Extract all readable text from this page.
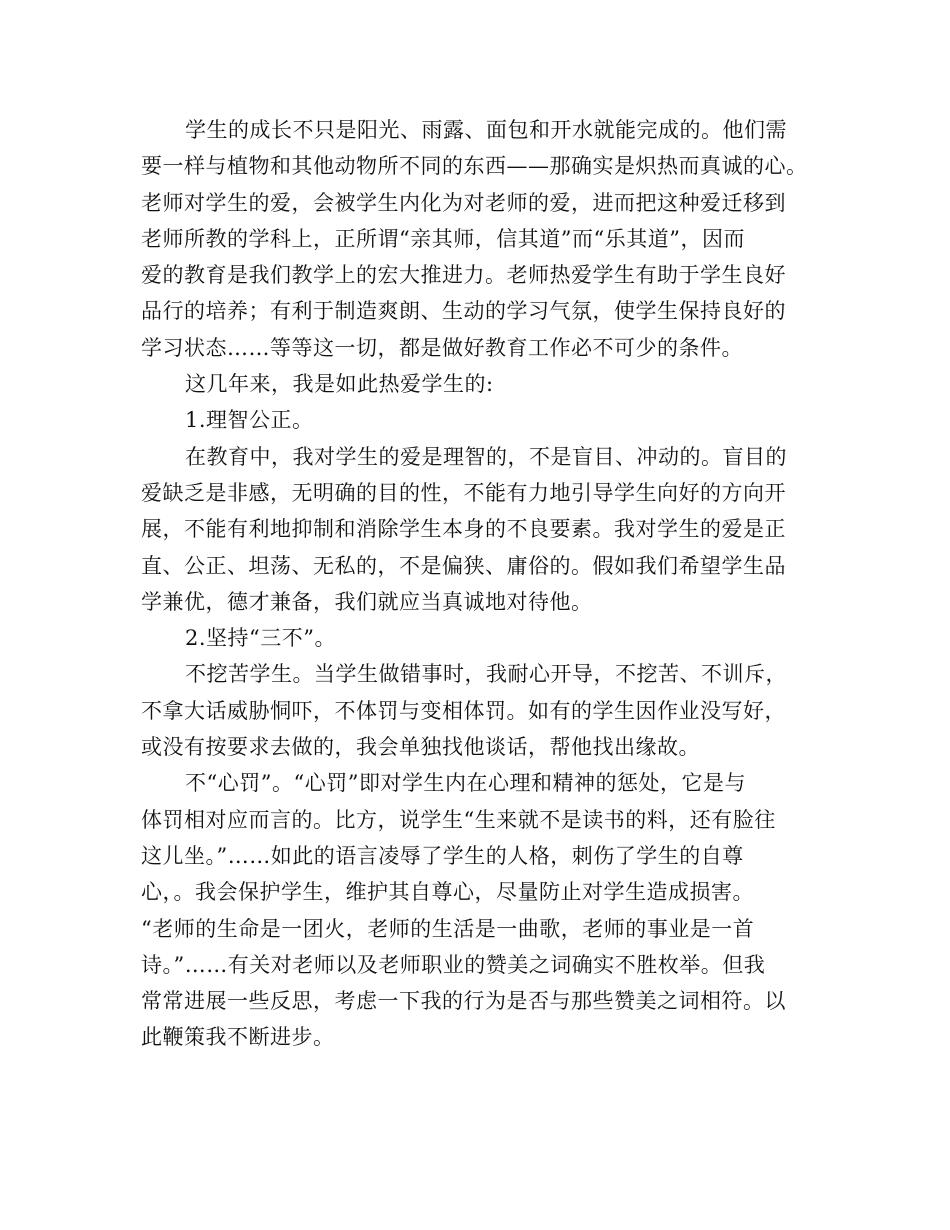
学生的成长不只是阳光、雨露、面包和开水就能完成的。他们需
要一样与植物和其他动物所不同的东西——那确实是炽热而真诚的心。
老师对学生的爱，会被学生内化为对老师的爱，进而把这种爱迁移到
老师所教的学科上，正所谓“亲其师，信其道”而“乐其道”，因而
爱的教育是我们教学上的宏大推进力。老师热爱学生有助于学生良好
品行的培养；有利于制造爽朗、生动的学习气氛，使学生保持良好的
学习状态……等等这一切，都是做好教育工作必不可少的条件。
这几年来，我是如此热爱学生的:
1.理智公正。
在教育中，我对学生的爱是理智的，不是盲目、冲动的。盲目的
爱缺乏是非感，无明确的目的性，不能有力地引导学生向好的方向开
展，不能有利地抑制和消除学生本身的不良要素。我对学生的爱是正
直、公正、坦荡、无私的，不是偏狭、庸俗的。假如我们希望学生品
学兼优，德才兼备，我们就应当真诚地对待他。
2.坚持“三不”。
不挖苦学生。当学生做错事时，我耐心开导，不挖苦、不训斥，
不拿大话威胁恫吓，不体罚与变相体罚。如有的学生因作业没写好，
或没有按要求去做的，我会单独找他谈话，帮他找出缘故。
不“心罚”。“心罚”即对学生内在心理和精神的惩处，它是与
体罚相对应而言的。比方，说学生“生来就不是读书的料，还有脸往
这儿坐。”……如此的语言凌辱了学生的人格，刺伤了学生的自尊
心，。我会保护学生，维护其自尊心，尽量防止对学生造成损害。
“老师的生命是一团火，老师的生活是一曲歌，老师的事业是一首
诗。”……有关对老师以及老师职业的赞美之词确实不胜枚举。但我
常常进展一些反思，考虑一下我的行为是否与那些赞美之词相符。以
此鞭策我不断进步。
